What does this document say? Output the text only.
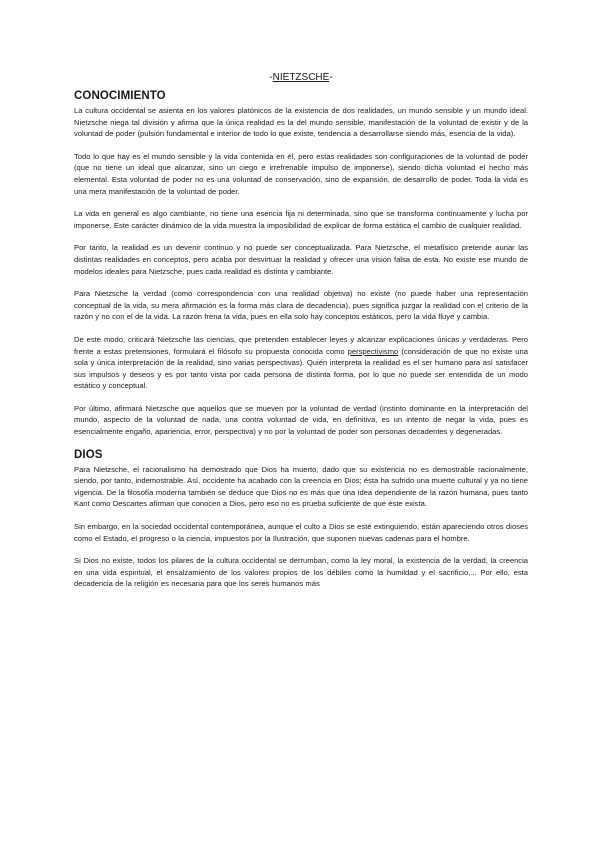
-NIETZSCHE-
CONOCIMIENTO

La cultura occidental se asienta en los valores platónicos de la existencia de dos realidades, un mundo sensible y un mundo ideal. Nietzsche niega tal división y afirma que la única realidad es la del mundo sensible, manifestación de la voluntad de existir y de la voluntad de poder (pulsión fundamental e interior de todo lo que existe, tendencia a desarrollarse siendo más, esencia de la vida).

Todo lo que hay es el mundo sensible y la vida contenida en él, pero estas realidades son configuraciones de la voluntad de poder (que no tiene un ideal que alcanzar, sino un ciego e irrefrenable impulso de imponerse), siendo dicha voluntad el hecho más elemental. Esta voluntad de poder no es una voluntad de conservación, sino de expansión, de desarrollo de poder. Toda la vida es una mera manifestación de la voluntad de poder.

La vida en general es algo cambiante, no tiene una esencia fija ni determinada, sino que se transforma continuamente y lucha por imponerse. Este carácter dinámico de la vida muestra la imposibilidad de explicar de forma estática el cambio de cualquier realidad.

Por tanto, la realidad es un devenir continuo y no puede ser conceptualizada. Para Nietzsche, el metafísico pretende aunar las distintas realidades en conceptos, pero acaba por desvirtuar la realidad y ofrecer una visión falsa de esta. No existe ese mundo de modelos ideales para Nietzsche, pues cada realidad es distinta y cambiante.

Para Nietzsche la verdad (como correspondencia con una realidad objetiva) no existe (no puede haber una representación conceptual de la vida, su mera afirmación es la forma más clara de decadencia), pues significa juzgar la realidad con el criterio de la razón y no con el de la vida. La razón frena la vida, pues en ella solo hay conceptos estáticos, pero la vida fluye y cambia.

De este modo, criticará Nietzsche las ciencias, que pretenden establecer leyes y alcanzar explicaciones únicas y verdaderas. Pero frente a estas pretensiones, formulará el filósofo su propuesta conocida como perspectivismo (consideración de que no existe una sola y única interpretación de la realidad, sino varias perspectivas). Quién interpreta la realidad es el ser humano para así satisfacer sus impulsos y deseos y es por tanto vista por cada persona de distinta forma, por lo que no puede ser entendida de un modo estático y conceptual.

Por último, afirmará Nietzsche que aquellos que se mueven por la voluntad de verdad (instinto dominante en la interpretación del mundo, aspecto de la voluntad de nada, una contra voluntad de vida, en definitiva, es un intento de negar la vida, pues es esencialmente engaño, apariencia, error, perspectiva) y no por la voluntad de poder son personas decadentes y degeneradas.

DIOS

Para Nietzsche, el racionalismo ha demostrado que Dios ha muerto, dado que su existencia no es demostrable racionalmente, siendo, por tanto, indemostrable. Así, occidente ha acabado con la creencia en Dios; ésta ha sufrido una muerte cultural y ya no tiene vigencia. De la filosofía moderna también se deduce que Dios no es más que una idea dependiente de la razón humana, pues tanto Kant como Descartes afirman que conocen a Dios, pero eso no es prueba suficiente de que éste exista.

Sin embargo, en la sociedad occidental contemporánea, aunque el culto a Dios se esté extinguiendo, están apareciendo otros dioses como el Estado, el progreso o la ciencia, impuestos por la Ilustración, que suponen nuevas cadenas para el hombre.

Si Dios no existe, todos los pilares de la cultura occidental se derrumban, como la ley moral, la existencia de la verdad, la creencia en una vida espiritual, el ensalzamiento de los valores propios de los débiles como la humildad y el sacrificio,... Por ello, esta decadencia de la religión es necesaria para que los seres humanos más
